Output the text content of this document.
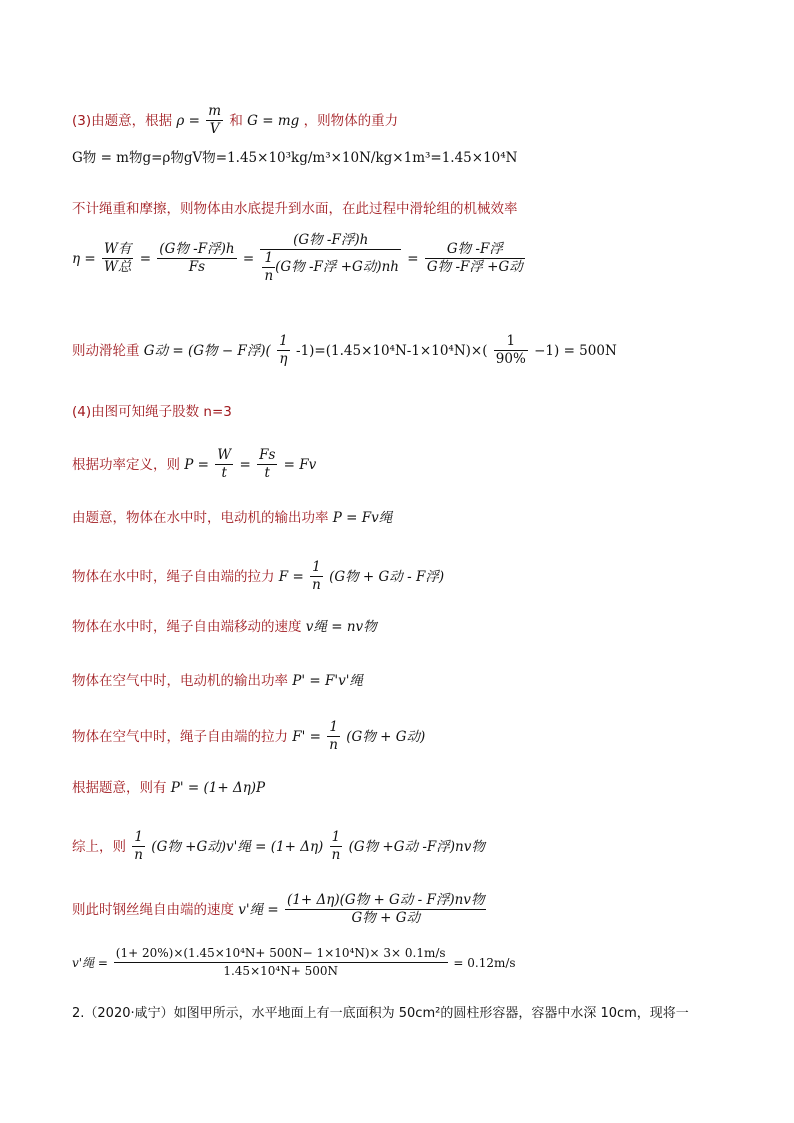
(3)由题意，根据 $\rho = \frac{m}{V}$ 和 G = mg ，则物体的重力
G物 = m物g=ρ物gV物=1.45×10³kg/m³×10N/kg×1m³=1.45×10⁴N
不计绳重和摩擦，则物体由水底提升到水面，在此过程中滑轮组的机械效率
$\eta = \frac{\text{W有}}{\text{W总}} = \frac{\text{(G物 -F浮)h}}{Fs} = \frac{\text{(G物 -F浮)h}}{\frac{1}{n} (G物 -F浮 +G动)nh} = \frac{\text{G物 -F浮}}{\text{G物 -F浮 +G动}}$
则动滑轮重 G动 = (G物 − F浮)( $\frac{1}{\eta} -1)=(1.45\times 10^4N-1\times 10^4N)\times( \frac{1}{90\%} -1) = 500N$
(4)由图可知绳子股数 n=3
根据功率定义，则 $P = \frac{W}{t} = \frac{Fs}{t} = Fv$
由题意，物体在水中时，电动机的输出功率 P = Fv绳
物体在水中时，绳子自由端的拉力 $F = \frac{1}{n} (G$物 + G动 - F浮)
物体在水中时，绳子自由端移动的速度 v绳 = nv物
物体在空气中时，电动机的输出功率 P' = F'v'绳
物体在空气中时，绳子自由端的拉力 $F' = \frac{1}{n} (G$物 + G动)
根据题意，则有 P' = (1+ Δη)P
综上，则 $\frac{1}{n} (G$物 +G动)v'绳 = $(1+ \Delta\eta) \frac{1}{n} (G$物 +G动 -F浮)nv物
则此时钢丝绳自由端的速度 v'绳 = $\frac{\text{(1+ Δη)(G物 + G动 - F浮)nv物}}{\text{G物 + G动}}$
v'绳 = $\frac{\text{(1+ 20\%)×(1.45×10⁴N+ 500N− 1×10⁴N)× 3× 0.1m/s}}{\text{1.45×10⁴N+ 500N}} = 0.12m/s$
2.（2020·咸宁）如图甲所示，水平地面上有一底面积为 50cm²的圆柱形容器，容器中水深 10cm，现将一
